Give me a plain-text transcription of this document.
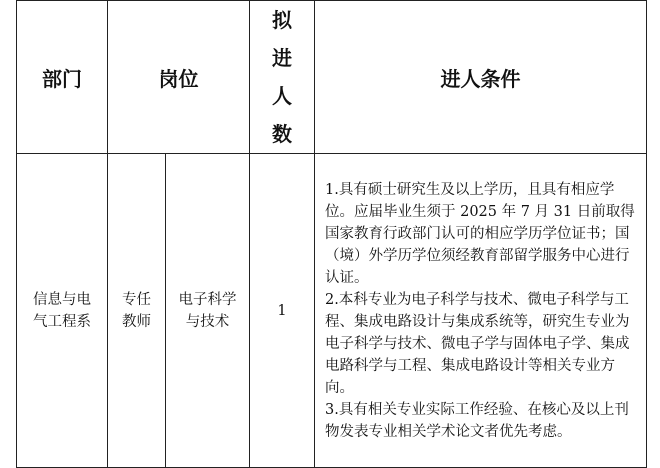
部门	岗位		拟进人数	进人条件

信息与电气工程系	专任教师	电子科学与技术	1	1.具有硕士研究生及以上学历，且具有相应学位。应届毕业生须于 2025 年 7 月 31 日前取得国家教育行政部门认可的相应学历学位证书；国（境）外学历学位须经教育部留学服务中心进行认证。
2.本科专业为电子科学与技术、微电子科学与工程、集成电路设计与集成系统等，研究生专业为电子科学与技术、微电子学与固体电子学、集成电路科学与工程、集成电路设计等相关专业方向。
3.具有相关专业实际工作经验、在核心及以上刊物发表专业相关学术论文者优先考虑。
